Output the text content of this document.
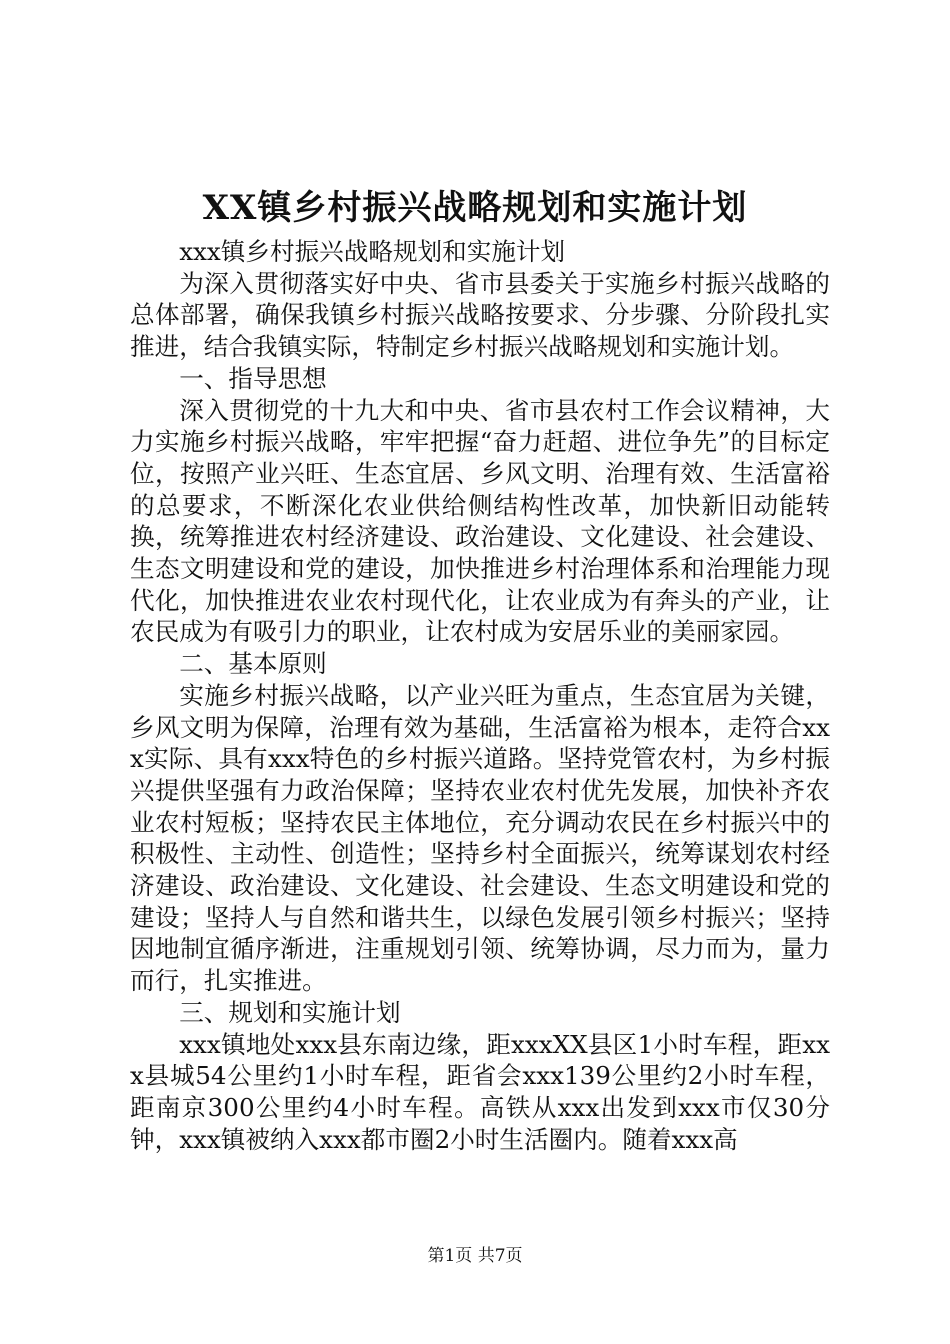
XX镇乡村振兴战略规划和实施计划

xxx镇乡村振兴战略规划和实施计划

为深入贯彻落实好中央、省市县委关于实施乡村振兴战略的总体部署，确保我镇乡村振兴战略按要求、分步骤、分阶段扎实推进，结合我镇实际，特制定乡村振兴战略规划和实施计划。

一、指导思想

深入贯彻党的十九大和中央、省市县农村工作会议精神，大力实施乡村振兴战略，牢牢把握“奋力赶超、进位争先”的目标定位，按照产业兴旺、生态宜居、乡风文明、治理有效、生活富裕的总要求，不断深化农业供给侧结构性改革，加快新旧动能转换，统筹推进农村经济建设、政治建设、文化建设、社会建设、生态文明建设和党的建设，加快推进乡村治理体系和治理能力现代化，加快推进农业农村现代化，让农业成为有奔头的产业，让农民成为有吸引力的职业，让农村成为安居乐业的美丽家园。

二、基本原则

实施乡村振兴战略，以产业兴旺为重点，生态宜居为关键，乡风文明为保障，治理有效为基础，生活富裕为根本，走符合xxx实际、具有xxx特色的乡村振兴道路。坚持党管农村，为乡村振兴提供坚强有力政治保障；坚持农业农村优先发展，加快补齐农业农村短板；坚持农民主体地位，充分调动农民在乡村振兴中的积极性、主动性、创造性；坚持乡村全面振兴，统筹谋划农村经济建设、政治建设、文化建设、社会建设、生态文明建设和党的建设；坚持人与自然和谐共生，以绿色发展引领乡村振兴；坚持因地制宜循序渐进，注重规划引领、统筹协调，尽力而为，量力而行，扎实推进。

三、规划和实施计划

xxx镇地处xxx县东南边缘，距xxxXX县区1小时车程，距xxx县城54公里约1小时车程，距省会xxx139公里约2小时车程，距南京300公里约4小时车程。高铁从xxx出发到xxx市仅30分钟，xxx镇被纳入xxx都市圈2小时生活圈内。随着xxx高

第1页 共7页
